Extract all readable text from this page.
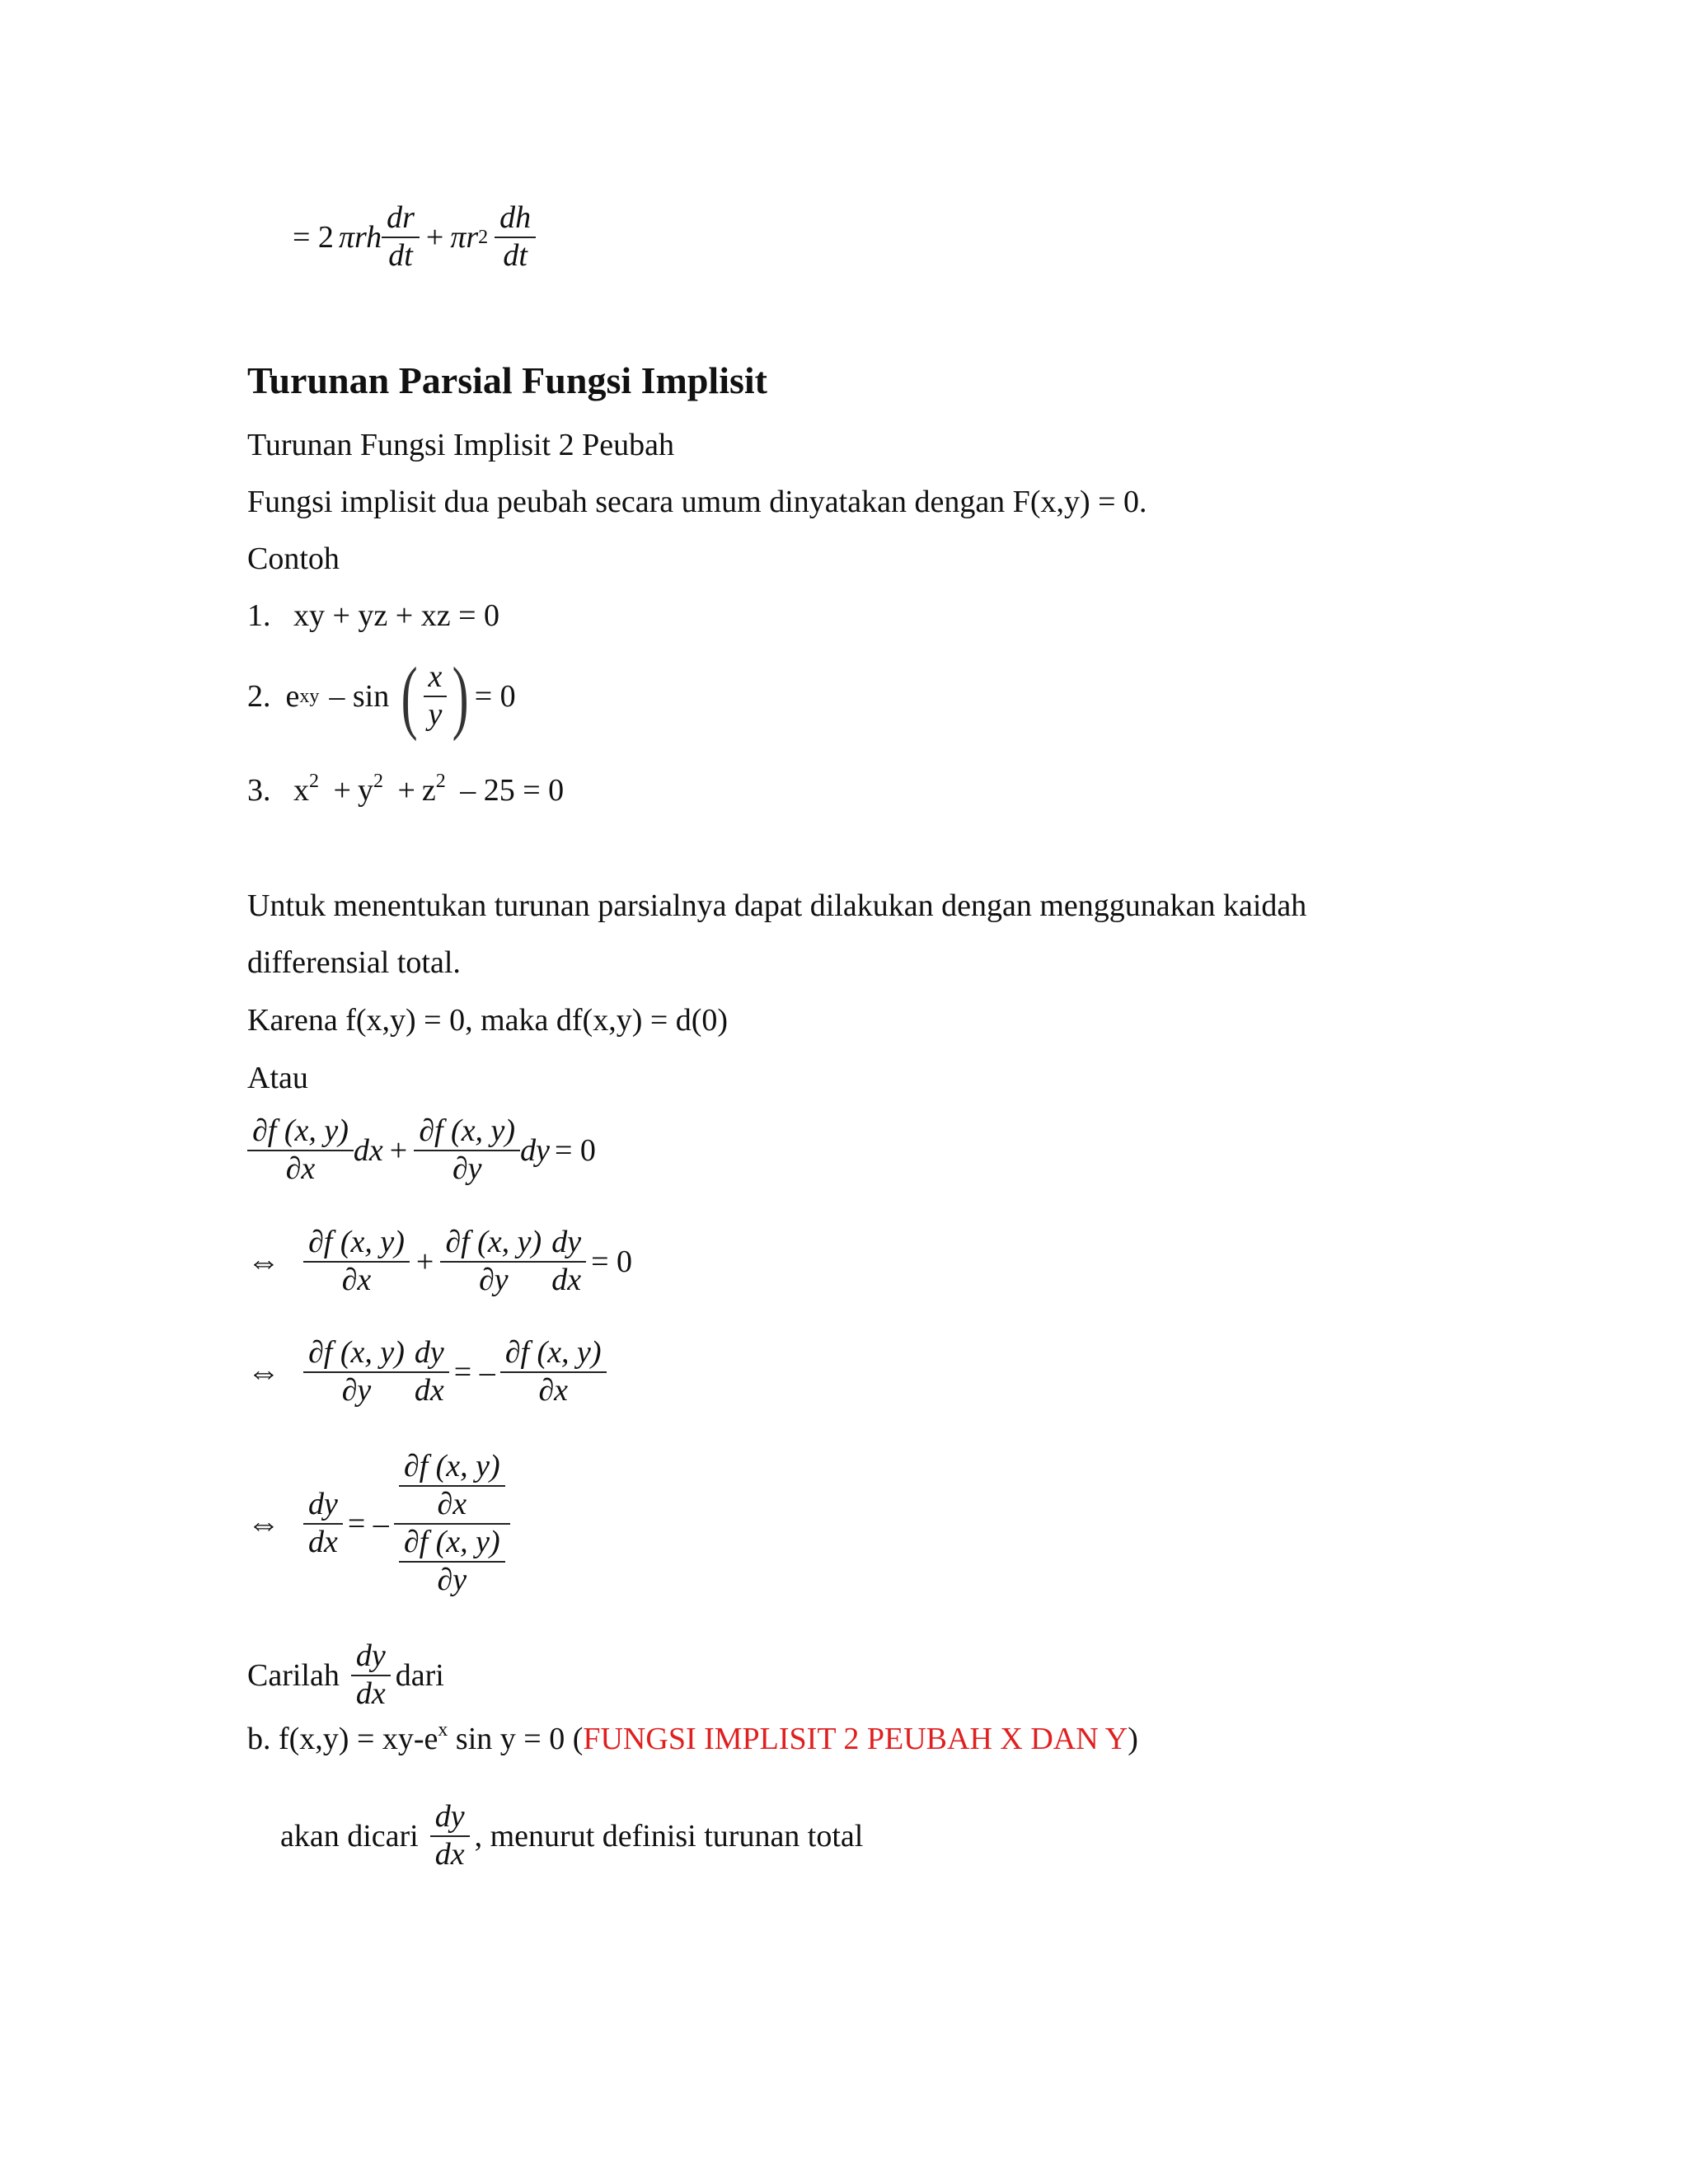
= 2 πrh $\frac{dr}{dt} + \pi r$ $2 \frac{dh}{dt}$
Turunan Parsial Fungsi Implisit
Turunan Fungsi Implisit 2 Peubah
Fungsi implisit dua peubah secara umum dinyatakan dengan F(x,y) = 0.
Contoh
1. xy + yz + xz = 0
2. e xy – sin ( $\frac{x}{y}$ ) = 0
3. $x^2 + y^2 + z^2 - 25 = 0$
Untuk menentukan turunan parsialnya dapat dilakukan dengan menggunakan kaidah
differensial total.
Karena f(x,y) = 0, maka df(x,y) = d(0)
Atau
$\frac{\partial f (x, y)}{\partial x}$ dx + $\frac{\partial f (x, y)}{\partial y}$ dy = 0
⇔ $\frac{\partial f (x, y)}{\partial x} + \frac{\partial f (x, y)}{\partial y} \frac{dy}{dx} = 0$
⇔ $\frac{\partial f (x, y)}{\partial y} \frac{dy}{dx}$ = – $\frac{\partial f (x, y)}{\partial x}$
⇔ $\frac{dy}{dx}$ = – $\frac{\frac{\partial f (x, y)}{\partial x}}{\frac{\partial f (x, y)}{\partial y}}$
Carilah $\frac{dy}{dx}$ dari
b. $f(x,y) = xy-e^x$ sin y = 0 (FUNGSI IMPLISIT 2 PEUBAH X DAN Y)
akan dicari $\frac{dy}{dx}$ , menurut definisi turunan total
